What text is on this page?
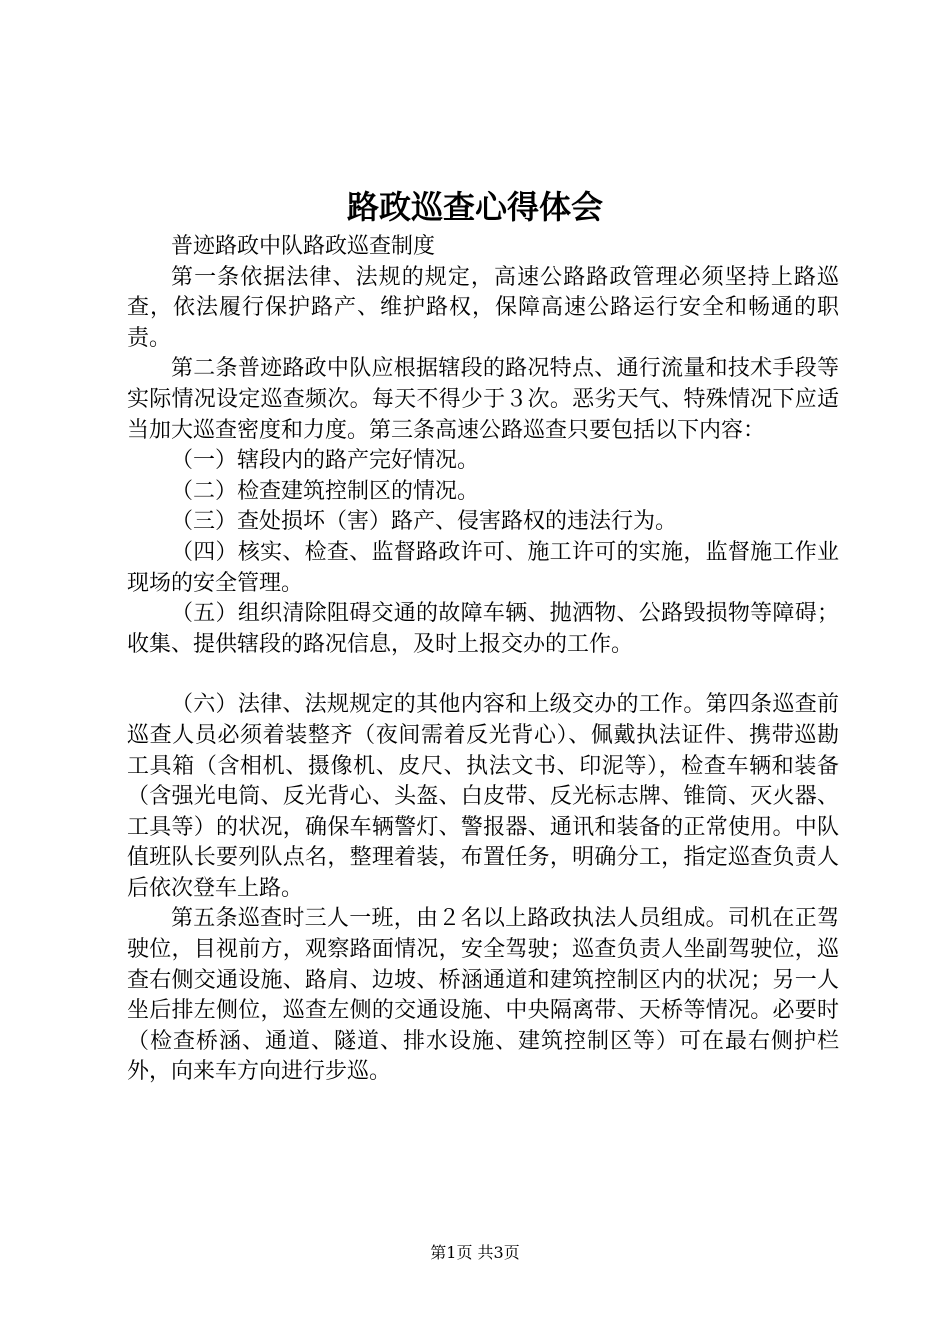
路政巡查心得体会

普迹路政中队路政巡查制度

第一条依据法律、法规的规定，高速公路路政管理必须坚持上路巡查，依法履行保护路产、维护路权，保障高速公路运行安全和畅通的职责。

第二条普迹路政中队应根据辖段的路况特点、通行流量和技术手段等实际情况设定巡查频次。每天不得少于３次。恶劣天气、特殊情况下应适当加大巡查密度和力度。第三条高速公路巡查只要包括以下内容：

（一）辖段内的路产完好情况。

（二）检查建筑控制区的情况。

（三）查处损坏（害）路产、侵害路权的违法行为。

（四）核实、检查、监督路政许可、施工许可的实施，监督施工作业现场的安全管理。

（五）组织清除阻碍交通的故障车辆、抛洒物、公路毁损物等障碍；收集、提供辖段的路况信息，及时上报交办的工作。

（六）法律、法规规定的其他内容和上级交办的工作。第四条巡查前巡查人员必须着装整齐（夜间需着反光背心）、佩戴执法证件、携带巡勘工具箱（含相机、摄像机、皮尺、执法文书、印泥等），检查车辆和装备（含强光电筒、反光背心、头盔、白皮带、反光标志牌、锥筒、灭火器、工具等）的状况，确保车辆警灯、警报器、通讯和装备的正常使用。中队值班队长要列队点名，整理着装，布置任务，明确分工，指定巡查负责人后依次登车上路。

第五条巡查时三人一班，由２名以上路政执法人员组成。司机在正驾驶位，目视前方，观察路面情况，安全驾驶；巡查负责人坐副驾驶位，巡查右侧交通设施、路肩、边坡、桥涵通道和建筑控制区内的状况；另一人坐后排左侧位，巡查左侧的交通设施、中央隔离带、天桥等情况。必要时（检查桥涵、通道、隧道、排水设施、建筑控制区等）可在最右侧护栏外，向来车方向进行步巡。

第1页 共3页
